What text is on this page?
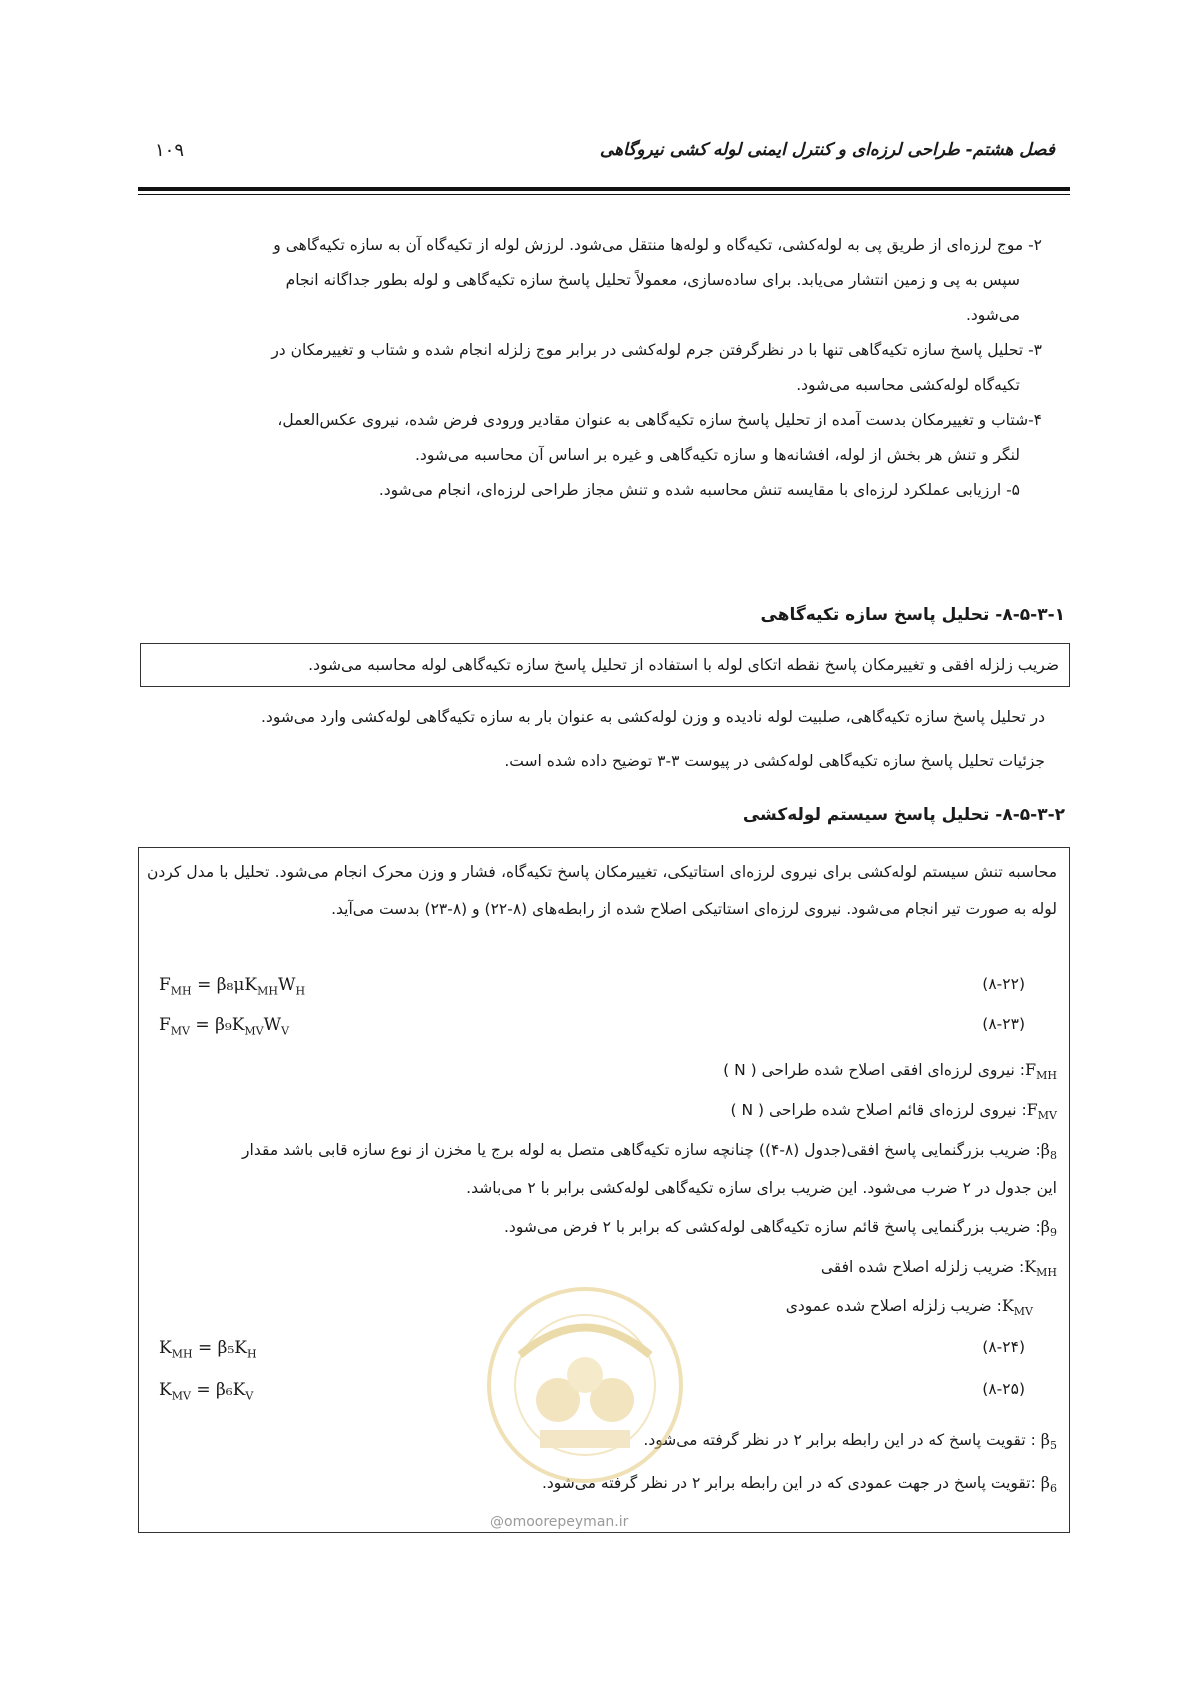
فصل هشتم- طراحی لرزه‌ای و کنترل ایمنی لوله کشی نیروگاهی
۱۰۹

۲- موج لرزه‌ای از طریق پی به لوله‌کشی، تکیه‌گاه و لوله‌ها منتقل می‌شود. لرزش لوله از تکیه‌گاه آن به سازه تکیه‌گاهی و

سپس به پی و زمین انتشار می‌یابد. برای ساده‌سازی، معمولاً تحلیل پاسخ سازه تکیه‌گاهی و لوله بطور جداگانه انجام

می‌شود.

۳- تحلیل پاسخ سازه تکیه‌گاهی تنها با در نظرگرفتن جرم لوله‌کشی در برابر موج زلزله انجام شده و شتاب و تغییرمکان در

تکیه‌گاه لوله‌کشی محاسبه می‌شود.

۴-شتاب و تغییرمکان بدست آمده از تحلیل پاسخ سازه تکیه‌گاهی به عنوان مقادیر ورودی فرض شده، نیروی عکس‌العمل،

لنگر و تنش هر بخش از لوله، افشانه‌ها و سازه تکیه‌گاهی و غیره بر اساس آن محاسبه می‌شود.

۵- ارزیابی عملکرد لرزه‌ای با مقایسه تنش محاسبه شده و تنش مجاز طراحی لرزه‌ای، انجام می‌شود.

۸-۵-۳-۱- تحلیل پاسخ سازه تکیه‌گاهی
ضریب زلزله افقی و تغییرمکان پاسخ نقطه اتکای لوله با استفاده از تحلیل پاسخ سازه تکیه‌گاهی لوله محاسبه می‌شود.

در تحلیل پاسخ سازه تکیه‌گاهی، صلبیت لوله نادیده و وزن لوله‌کشی به عنوان بار به سازه تکیه‌گاهی لوله‌کشی وارد می‌شود.

جزئیات تحلیل پاسخ سازه تکیه‌گاهی لوله‌کشی در پیوست ۳-۳ توضیح داده شده است.

۸-۵-۳-۲- تحلیل پاسخ سیستم لوله‌کشی

محاسبه تنش سیستم لوله‌کشی برای نیروی لرزه‌ای استاتیکی، تغییرمکان پاسخ تکیه‌گاه، فشار و وزن محرک انجام می‌شود. تحلیل با مدل کردن لوله به صورت تیر انجام می‌شود. نیروی لرزه‌ای استاتیکی اصلاح شده از رابطه‌های (۸-۲۲) و (۸-۲۳) بدست می‌آید.

$F_{MH} = \beta_8\mu K_{MH}W_H$	(۸-۲۲)
$F_{MV} = \beta_9K_{MV}W_V$	(۸-۲۳)
$F_{MH}$: نیروی لرزه‌ای افقی اصلاح شده طراحی ( N )
$F_{MV}$: نیروی لرزه‌ای قائم اصلاح شده طراحی ( N )
$\beta_8$: ضریب بزرگنمایی پاسخ افقی(جدول (۸-۴)) چنانچه سازه تکیه‌گاهی متصل به لوله برج یا مخزن از نوع سازه قابی باشد مقدار
این جدول در ۲ ضرب می‌شود. این ضریب برای سازه تکیه‌گاهی لوله‌کشی برابر با ۲ می‌باشد.
$\beta_9$: ضریب بزرگنمایی پاسخ قائم سازه تکیه‌گاهی لوله‌کشی که برابر با ۲ فرض می‌شود.
$K_{MH}$: ضریب زلزله اصلاح شده افقی
$K_{MV}$: ضریب زلزله اصلاح شده عمودی
$K_{MH} = \beta_5K_H$	(۸-۲۴)
$K_{MV} = \beta_6K_V$	(۸-۲۵)
$\beta_5$ : تقویت پاسخ که در این رابطه برابر ۲ در نظر گرفته می‌شود.
$\beta_6$ :تقویت پاسخ در جهت عمودی که در این رابطه برابر ۲ در نظر گرفته می‌شود.
@omoorepeyman.ir
